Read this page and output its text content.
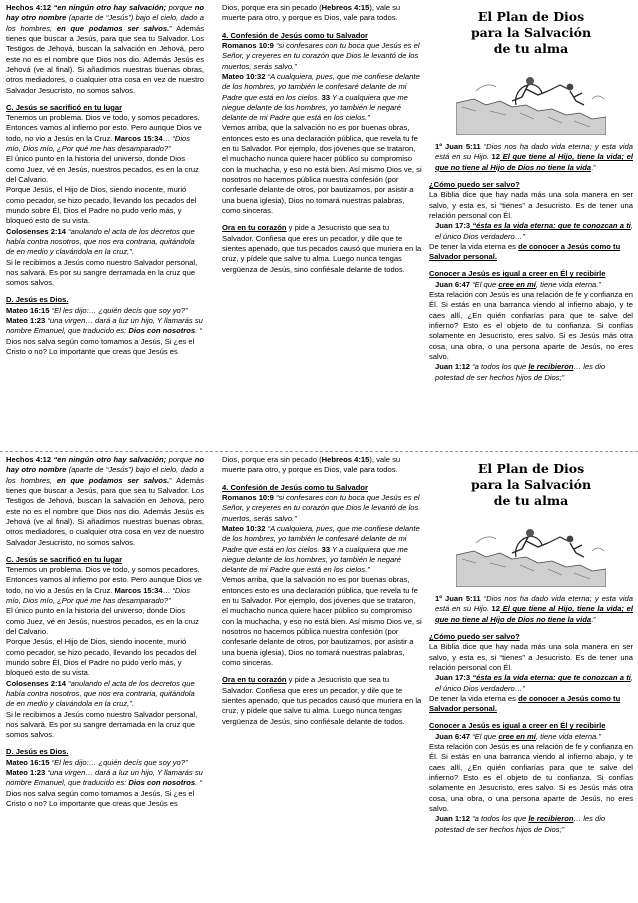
Hechos 4:12 “en ningún otro hay salvación; porque no hay otro nombre (aparte de “Jesús”) bajo el cielo, dado a los hombres, en que podamos ser salvos.” Además tienes que buscar a Jesús, para que sea tu Salvador. Los Testigos de Jehová, buscan la salvación en Jehová, pero este no es el nombre que Dios nos dio. Además Jesús es Jehová (ve al final). Si añadimos nuestras buenas obras, otros mediadores, o cualquier otra cosa en vez de nuestro Salvador Jesucristo, no somos salvos.

C. Jesús se sacrificó en tu lugar

Tenemos un problema. Dios ve todo, y somos pecadores. Entonces vamos al infierno por esto. Pero aunque Dios ve todo, no vio a Jesús en la Cruz. Marcos 15:34… “Dios mío, Dios mío, ¿Por qué me has desamparado?”

El único punto en la historia del universo, donde Dios como Juez, vé en Jesús, nuestros pecados, es en la cruz del Calvario.

Porque Jesús, el Hijo de Dios, siendo inocente, murió como pecador, se hizo pecado, llevando los pecados del mundo sobre Él, Dios el Padre no pudo verlo más, y bloqueó esto de su vista.

Colosenses 2:14 “anulando el acta de los decretos que había contra nosotros, que nos era contraria, quitándola de en medio y clavándola en la cruz,”.

Si le recibimos a Jesús como nuestro Salvador personal, nos salvará. Es por su sangre derramada en la cruz que somos salvos.

D. Jesús es Dios.

Mateo 16:15 “El les dijo:… ¿quién decís que soy yo?”

Mateo 1:23 “una virgen… dará a luz un hijo, Y llamarás su nombre Emanuel, que traducido es: Dios con nosotros. “

Dios nos salva según como tomamos a Jesús, Si ¿es el Cristo o no? Lo importante que creas que Jesús es

Dios, porque era sin pecado (Hebreos 4:15), vale su muerte para otro, y porque es Dios, vale para todos.

4. Confesión de Jesús como tu Salvador

Romanos 10:9 “si confesares con tu boca que Jesús es el Señor, y creyeres en tu corazón que Dios le levantó de los muertos, serás salvo.”

Mateo 10:32 “A cualquiera, pues, que me confiese delante de los hombres, yo también le confesaré delante de mi Padre que está en los cielos. 33 Y a cualquiera que me niegue delante de los hombres, yo también le negaré delante de mi Padre que está en los cielos.”

Vemos arriba, que la salvación no es por buenas obras, entonces esto es una declaración pública, que revela tu fe en tu Salvador. Por ejemplo, dos jóvenes que se trataron, el muchacho nunca quiere hacer público su compromiso con la muchacha, y eso no está bien. Así mismo Dios ve, si nosotros no hacemos pública nuestra confesión (por confesarle delante de otros, por bautizarnos, por asistir a una buena iglesia), Dios no tomará nuestras palabras, como sinceras.

Ora en tu corazón y pide a Jesucristo que sea tu Salvador. Confiesa que eres un pecador, y dile que te sientes apenado, que tus pecados causó que muriera en la cruz, y pídele que salve tu alma. Luego nunca tengas vergüenza de Jesús, sino confiésale delante de todos.

El Plan de Dios
para la Salvación
de tu alma

1º Juan 5:11 “Dios nos ha dado vida eterna; y esta vida está en su Hijo. 12 El que tiene al Hijo, tiene la vida; el que no tiene al Hijo de Dios no tiene la vida.”

¿Cómo puedo ser salvo?

La Biblia dice que hay nada más una sola manera en ser salvo, y esta es, si “tienes” a Jesucristo. Es de tener una relación personal con Él.

Juan 17:3 “ésta es la vida eterna: que te conozcan a ti, el único Dios verdadero…”

De tener la vida eterna es de conocer a Jesús como tu Salvador personal.

Conocer a Jesús es igual a creer en Él y recibirle

Juan 6:47 “El que cree en mí, tiene vida eterna.”

Esta relación con Jesús es una relación de fe y confianza en Él. Si estás en una barranca viendo al infierno abajo, y te caes allí, ¿En quién confiarías para que te salve del infierno? Esto es el objeto de tu confianza. Si confías solamente en Jesucristo, eres salvo. Si es Jesús más otra cosa, una obra, o una persona aparte de Jesús, no eres salvo.

Juan 1:12 “a todos los que le recibieron… les dio potestad de ser hechos hijos de Dios;”

Hechos 4:12 “en ningún otro hay salvación; porque no hay otro nombre (aparte de “Jesús”) bajo el cielo, dado a los hombres, en que podamos ser salvos.” Además tienes que buscar a Jesús, para que sea tu Salvador. Los Testigos de Jehová, buscan la salvación en Jehová, pero este no es el nombre que Dios nos dio. Además Jesús es Jehová (ve al final). Si añadimos nuestras buenas obras, otros mediadores, o cualquier otra cosa en vez de nuestro Salvador Jesucristo, no somos salvos.

C. Jesús se sacrificó en tu lugar

Tenemos un problema. Dios ve todo, y somos pecadores. Entonces vamos al infierno por esto. Pero aunque Dios ve todo, no vio a Jesús en la Cruz. Marcos 15:34… “Dios mío, Dios mío, ¿Por qué me has desamparado?”

El único punto en la historia del universo, donde Dios como Juez, vé en Jesús, nuestros pecados, es en la cruz del Calvario.

Porque Jesús, el Hijo de Dios, siendo inocente, murió como pecador, se hizo pecado, llevando los pecados del mundo sobre Él, Dios el Padre no pudo verlo más, y bloqueó esto de su vista.

Colosenses 2:14 “anulando el acta de los decretos que había contra nosotros, que nos era contraria, quitándola de en medio y clavándola en la cruz,”.

Si le recibimos a Jesús como nuestro Salvador personal, nos salvará. Es por su sangre derramada en la cruz que somos salvos.

D. Jesús es Dios.

Mateo 16:15 “El les dijo:… ¿quién decís que soy yo?”

Mateo 1:23 “una virgen… dará a luz un hijo, Y llamarás su nombre Emanuel, que traducido es: Dios con nosotros. “

Dios nos salva según como tomamos a Jesús, Si ¿es el Cristo o no? Lo importante que creas que Jesús es

Dios, porque era sin pecado (Hebreos 4:15), vale su muerte para otro, y porque es Dios, vale para todos.

4. Confesión de Jesús como tu Salvador

Romanos 10:9 “si confesares con tu boca que Jesús es el Señor, y creyeres en tu corazón que Dios le levantó de los muertos, serás salvo.”

Mateo 10:32 “A cualquiera, pues, que me confiese delante de los hombres, yo también le confesaré delante de mi Padre que está en los cielos. 33 Y a cualquiera que me niegue delante de los hombres, yo también le negaré delante de mi Padre que está en los cielos.”

Vemos arriba, que la salvación no es por buenas obras, entonces esto es una declaración pública, que revela tu fe en tu Salvador. Por ejemplo, dos jóvenes que se trataron, el muchacho nunca quiere hacer público su compromiso con la muchacha, y eso no está bien. Así mismo Dios ve, si nosotros no hacemos pública nuestra confesión (por confesarle delante de otros, por bautizarnos, por asistir a una buena iglesia), Dios no tomará nuestras palabras, como sinceras.

Ora en tu corazón y pide a Jesucristo que sea tu Salvador. Confiesa que eres un pecador, y dile que te sientes apenado, que tus pecados causó que muriera en la cruz, y pídele que salve tu alma. Luego nunca tengas vergüenza de Jesús, sino confiésale delante de todos.

El Plan de Dios
para la Salvación
de tu alma

1º Juan 5:11 “Dios nos ha dado vida eterna; y esta vida está en su Hijo. 12 El que tiene al Hijo, tiene la vida; el que no tiene al Hijo de Dios no tiene la vida.”

¿Cómo puedo ser salvo?

La Biblia dice que hay nada más una sola manera en ser salvo, y esta es, si “tienes” a Jesucristo. Es de tener una relación personal con Él.

Juan 17:3 “ésta es la vida eterna: que te conozcan a ti, el único Dios verdadero…”

De tener la vida eterna es de conocer a Jesús como tu Salvador personal.

Conocer a Jesús es igual a creer en Él y recibirle

Juan 6:47 “El que cree en mí, tiene vida eterna.”

Esta relación con Jesús es una relación de fe y confianza en Él. Si estás en una barranca viendo al infierno abajo, y te caes allí, ¿En quién confiarías para que te salve del infierno? Esto es el objeto de tu confianza. Si confías solamente en Jesucristo, eres salvo. Si es Jesús más otra cosa, una obra, o una persona aparte de Jesús, no eres salvo.

Juan 1:12 “a todos los que le recibieron… les dio potestad de ser hechos hijos de Dios;”
